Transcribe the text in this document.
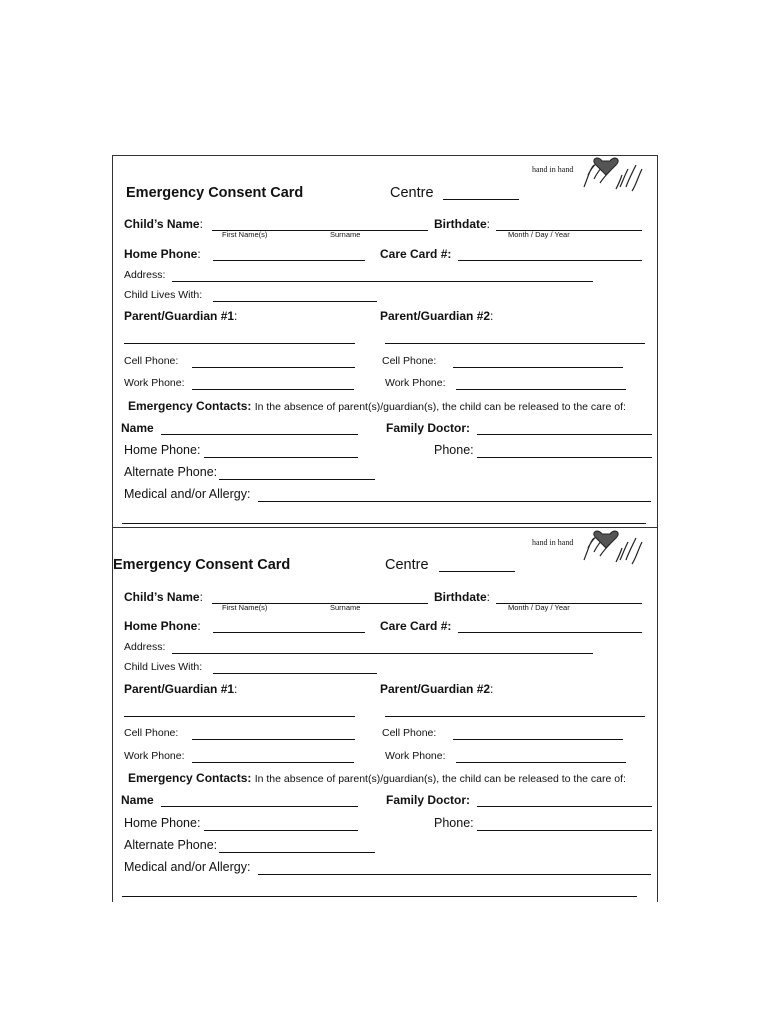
Emergency Consent Card	Centre
hand in hand
Child’s Name:
First Name(s)	Surname
Birthdate:
Month / Day / Year
Home Phone:	Care Card #:
Address:
Child Lives With:
Parent/Guardian #1:	Parent/Guardian #2:
Cell Phone:	Cell Phone:
Work Phone:	Work Phone:
Emergency Contacts: In the absence of parent(s)/guardian(s), the child can be released to the care of:
Name	Family Doctor:
Home Phone:	Phone:
Alternate Phone:
Medical and/or Allergy:
Emergency Consent Card	Centre
hand in hand
Child’s Name:
First Name(s)	Surname
Birthdate:
Month / Day / Year
Home Phone:	Care Card #:
Address:
Child Lives With:
Parent/Guardian #1:	Parent/Guardian #2:
Cell Phone:	Cell Phone:
Work Phone:	Work Phone:
Emergency Contacts: In the absence of parent(s)/guardian(s), the child can be released to the care of:
Name	Family Doctor:
Home Phone:	Phone:
Alternate Phone:
Medical and/or Allergy:
